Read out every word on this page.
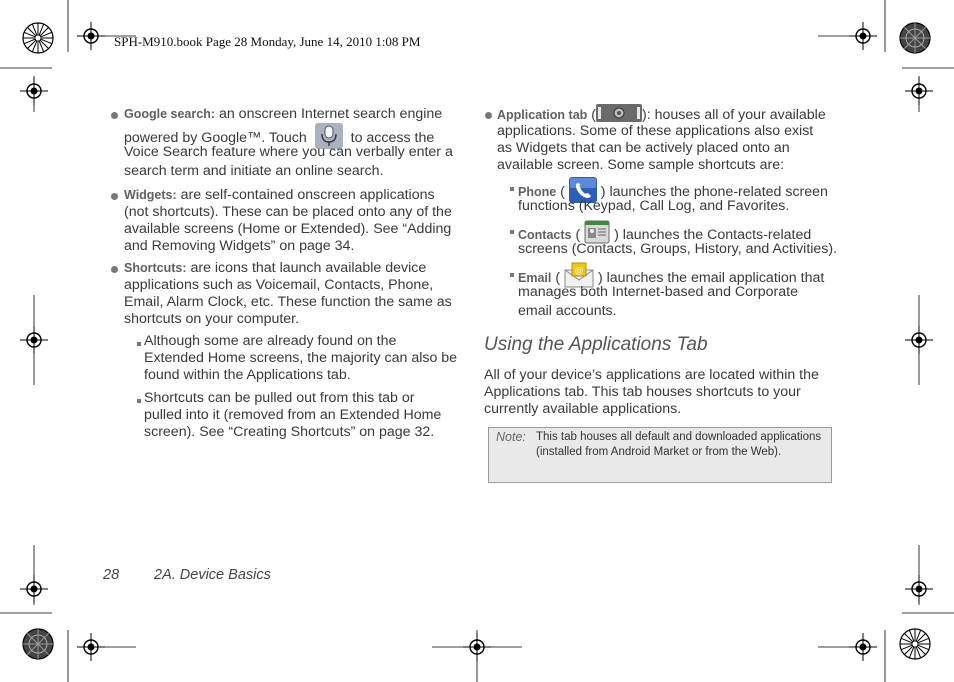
SPH-M910.book Page 28 Monday, June 14, 2010 1:08 PM
Google search: an onscreen Internet search engine
powered by Google™. Touch	to access the
Voice Search feature where you can verbally enter a
search term and initiate an online search.
Widgets: are self-contained onscreen applications
(not shortcuts). These can be placed onto any of the
available screens (Home or Extended). See “Adding
and Removing Widgets” on page 34.
Shortcuts: are icons that launch available device
applications such as Voicemail, Contacts, Phone,
Email, Alarm Clock, etc. These function the same as
shortcuts on your computer.
Although some are already found on the
Extended Home screens, the majority can also be
found within the Applications tab.
Shortcuts can be pulled out from this tab or
pulled into it (removed from an Extended Home
screen). See “Creating Shortcuts” on page 32.
Application tab (	): houses all of your available
applications. Some of these applications also exist
as Widgets that can be actively placed onto an
available screen. Some sample shortcuts are:
Phone (	) launches the phone-related screen
functions (Keypad, Call Log, and Favorites.
Contacts ( ) launches the Contacts-related
screens (Contacts, Groups, History, and Activities).
Email ( @ ) launches the email application that
manages both Internet-based and Corporate
email accounts.
Using the Applications Tab
All of your device’s applications are located within the
Applications tab. This tab houses shortcuts to your
currently available applications.
Note: This tab houses all default and downloaded applications (installed from Android Market or from the Web).
28 2A. Device Basics
